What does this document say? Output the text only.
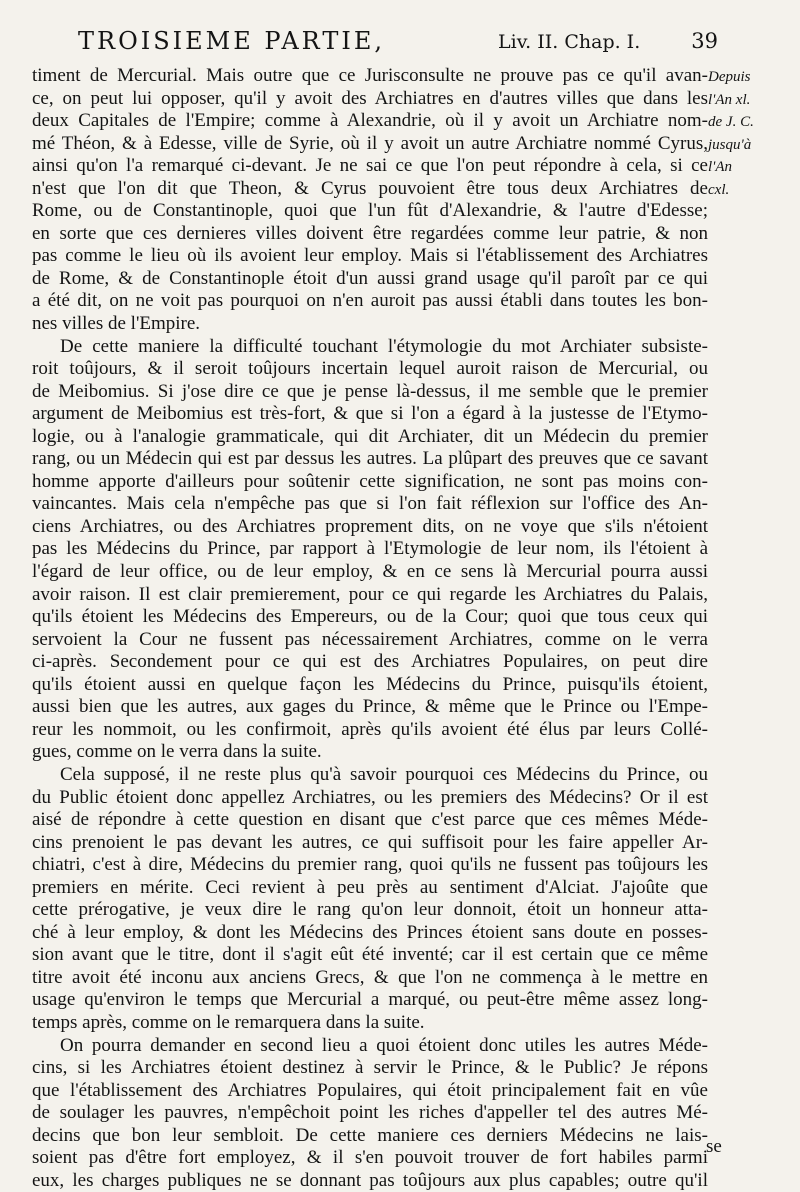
TROISIEME PARTIE,	Liv. II. Chap. I. 39
timent de Mercurial. Mais outre que ce Jurisconsulte ne prouve pas ce qu'il avan-
ce, on peut lui opposer, qu'il y avoit des Archiatres en d'autres villes que dans les
deux Capitales de l'Empire; comme à Alexandrie, où il y avoit un Archiatre nom-
mé Théon, & à Edesse, ville de Syrie, où il y avoit un autre Archiatre nommé Cyrus,
ainsi qu'on l'a remarqué ci-devant. Je ne sai ce que l'on peut répondre à cela, si ce
n'est que l'on dit que Theon, & Cyrus pouvoient être tous deux Archiatres de
Rome, ou de Constantinople, quoi que l'un fût d'Alexandrie, & l'autre d'Edesse;
en sorte que ces dernieres villes doivent être regardées comme leur patrie, & non
pas comme le lieu où ils avoient leur employ. Mais si l'établissement des Archiatres
de Rome, & de Constantinople étoit d'un aussi grand usage qu'il paroît par ce qui
a été dit, on ne voit pas pourquoi on n'en auroit pas aussi établi dans toutes les bon-
nes villes de l'Empire.
De cette maniere la difficulté touchant l'étymologie du mot Archiater subsiste-
roit toûjours, & il seroit toûjours incertain lequel auroit raison de Mercurial, ou
de Meibomius. Si j'ose dire ce que je pense là-dessus, il me semble que le premier
argument de Meibomius est très-fort, & que si l'on a égard à la justesse de l'Etymo-
logie, ou à l'analogie grammaticale, qui dit Archiater, dit un Médecin du premier
rang, ou un Médecin qui est par dessus les autres. La plûpart des preuves que ce savant
homme apporte d'ailleurs pour soûtenir cette signification, ne sont pas moins con-
vaincantes. Mais cela n'empêche pas que si l'on fait réflexion sur l'office des An-
ciens Archiatres, ou des Archiatres proprement dits, on ne voye que s'ils n'étoient
pas les Médecins du Prince, par rapport à l'Etymologie de leur nom, ils l'étoient à
l'égard de leur office, ou de leur employ, & en ce sens là Mercurial pourra aussi
avoir raison. Il est clair premierement, pour ce qui regarde les Archiatres du Palais,
qu'ils étoient les Médecins des Empereurs, ou de la Cour; quoi que tous ceux qui
servoient la Cour ne fussent pas nécessairement Archiatres, comme on le verra
ci-après. Secondement pour ce qui est des Archiatres Populaires, on peut dire
qu'ils étoient aussi en quelque façon les Médecins du Prince, puisqu'ils étoient,
aussi bien que les autres, aux gages du Prince, & même que le Prince ou l'Empe-
reur les nommoit, ou les confirmoit, après qu'ils avoient été élus par leurs Collé-
gues, comme on le verra dans la suite.
Cela supposé, il ne reste plus qu'à savoir pourquoi ces Médecins du Prince, ou
du Public étoient donc appellez Archiatres, ou les premiers des Médecins? Or il est
aisé de répondre à cette question en disant que c'est parce que ces mêmes Méde-
cins prenoient le pas devant les autres, ce qui suffisoit pour les faire appeller Ar-
chiatri, c'est à dire, Médecins du premier rang, quoi qu'ils ne fussent pas toûjours les
premiers en mérite. Ceci revient à peu près au sentiment d'Alciat. J'ajoûte que
cette prérogative, je veux dire le rang qu'on leur donnoit, étoit un honneur atta-
ché à leur employ, & dont les Médecins des Princes étoient sans doute en posses-
sion avant que le titre, dont il s'agit eût été inventé; car il est certain que ce même
titre avoit été inconu aux anciens Grecs, & que l'on ne commença à le mettre en
usage qu'environ le temps que Mercurial a marqué, ou peut-être même assez long-
temps après, comme on le remarquera dans la suite.
On pourra demander en second lieu a quoi étoient donc utiles les autres Méde-
cins, si les Archiatres étoient destinez à servir le Prince, & le Public? Je répons
que l'établissement des Archiatres Populaires, qui étoit principalement fait en vûe
de soulager les pauvres, n'empêchoit point les riches d'appeller tel des autres Mé-
decins que bon leur sembloit. De cette maniere ces derniers Médecins ne lais-
soient pas d'être fort employez, & il s'en pouvoit trouver de fort habiles parmi
eux, les charges publiques ne se donnant pas toûjours aux plus capables; outre qu'il
Depuis
l'An xl.
de J. C.
jusqu'à
l'An
cxl.
se
